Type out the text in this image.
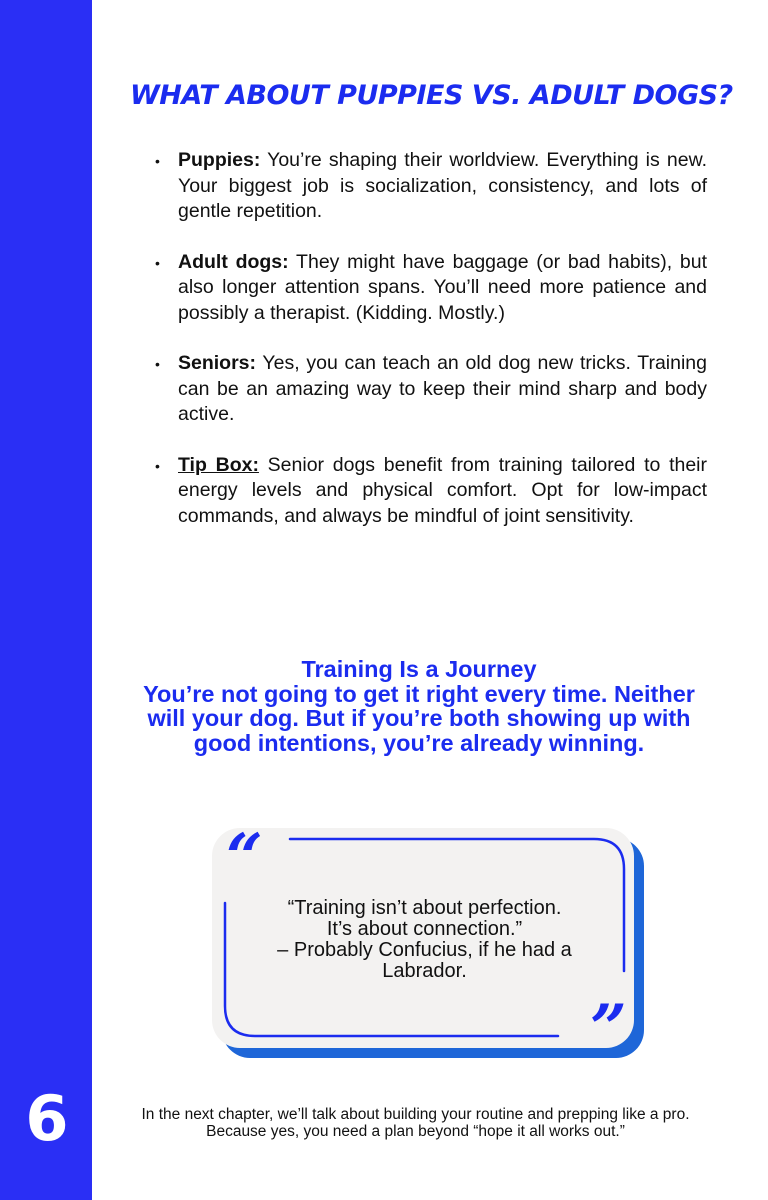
6
WHAT ABOUT PUPPIES VS. ADULT DOGS?
• Puppies: You’re shaping their worldview. Everything is new. Your biggest job is socialization, consistency, and lots of gentle repetition.
• Adult dogs: They might have baggage (or bad habits), but also longer attention spans. You’ll need more patience and possibly a therapist. (Kidding. Mostly.)
• Seniors: Yes, you can teach an old dog new tricks. Training can be an amazing way to keep their mind sharp and body active.
• Tip Box: Senior dogs benefit from training tailored to their energy levels and physical comfort. Opt for low-impact commands, and always be mindful of joint sensitivity.
Training Is a Journey
You’re not going to get it right every time. Neither will your dog. But if you’re both showing up with good intentions, you’re already winning.
“
”
“Training isn’t about perfection.
It’s about connection.”
– Probably Confucius, if he had a Labrador.
In the next chapter, we’ll talk about building your routine and prepping like a pro. Because yes, you need a plan beyond “hope it all works out.”
